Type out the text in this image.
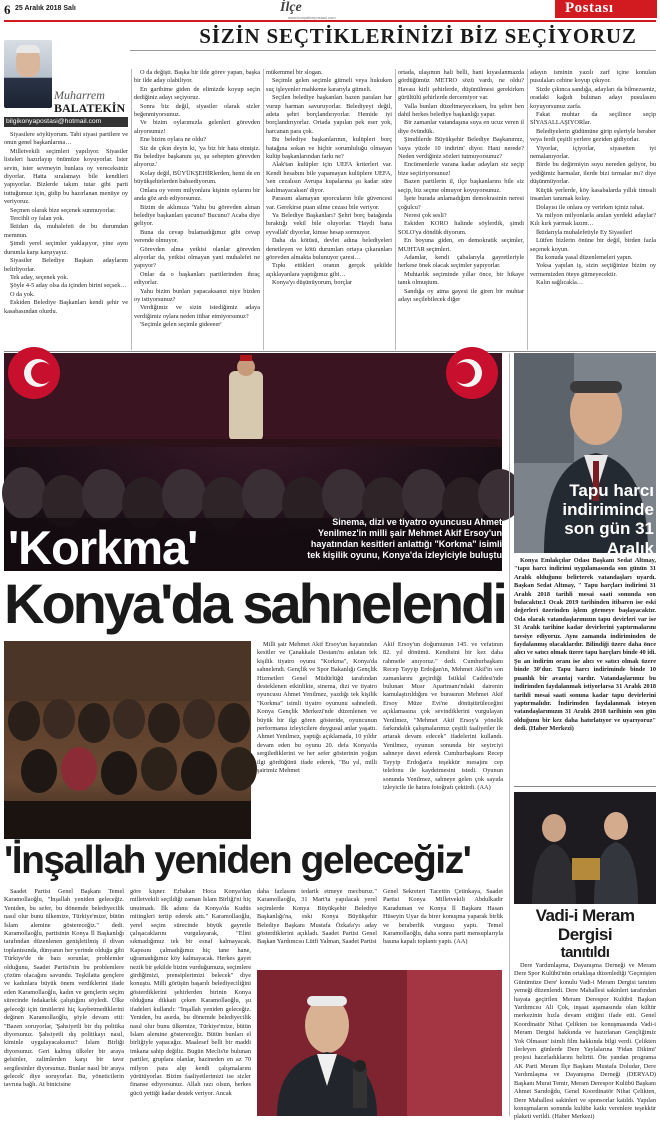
6 25 Aralık 2018 Salı	İlçe
www.konyailcepostasi.com
Postası
SİZİN SEÇTİKLERİNİZİ BİZ SEÇİYORUZ
Muharrem
BALATEKİN
bilgikonyapostasi@hotmail.com

Siyasilere söylüyorum. Tabi siyasi partilere ve onun genel başkanlarına…

Milletvekili seçimleri yapılıyor. Siyasiler listeleri hazırlayıp önümüze koyuyorlar. İster sevin, ister sevmeyin bunlara oy vereceksiniz diyorlar. Hatta sıralamayı bile kendileri yapıyorlar. Bizlerde takım tutar gibi parti tuttuğumuz için, gidip bu hazırlanan menüye oy veriyoruz.

Seçmen olarak bize seçenek sunmuyorlar.

Tercihli oy falan yok.

İktidarı da, muhalefeti de bu durumdan memnun.

Şimdi yerel seçimler yaklaşıyor, yine aynı durumla karşı karşıyayız.

Siyasiler Belediye Başkan adaylarını belirliyorlar.

Tek aday, seçenek yok.

Şöyle 4-5 aday olsa da içinden birini seçsek…

O da yok.

Eskiden Belediye Başkanları kendi şehir ve kasabasından olurdu.

O da değişti. Başka bir ilde görev yapan, başka bir ilde aday olabiliyor.

En garibime giden de elimizde koyup seçin dediğiniz adayı seçiyoruz.

Sonra biz değil, siyasiler olarak sizler beğenmiyorsunuz.

Ve bizim oylarımızla gelenleri görevden alıyorsunuz!

Ene bizim oylara ne oldu?

Siz de çıkın deyin ki, 'ya biz bir hata etmişiz. Bu belediye başkanını şu, şu sebepten görevden alıyoruz.'

Kolay değil, BÜYÜKŞEHİRlerden, hemi de en büyükşehirlerden bahsediyorum.

Onlara oy veren milyonlara kişinin oylarını bir anda göz ardı ediyorsunuz.

Bizim de aklımıza 'Yahu bu görevden alınan belediye başkanları şucunu? Bucunu? Acaba diye geliyor.

Buna da cevap bulamadığımız gibi cevap verende olmuyor.

Görevden alma yetkisi olanlar görevden alıyorlar da, yetkisi olmayan yani muhalefet ne yapıyor?

Onlar da o başkanları partilerinden ihraç ediyorlar.

Yahu bizim bunları yapacaksanız niye bizden oy istiyorsunuz?

Verdiğimiz ve sizin istediğimiz adaya verdiğimiz oylara neden itibar etmiyorsunuz?

'Seçimle gelen seçimle gideeeer'

mükemmel bir slogan.

Seçimle gelen seçimle gitmeli veya hukuken suç işleyenler mahkeme kararıyla gitmeli.

Seçilen belediye başkanları bazen paraları har vurup harman savuruyorlar. Belediyeyi değil, adeta şehri borçlandırıyorlar. Hemide iyi borçlandırıyorlar. Ortada yapılan pek eser yok, harcanan para çok.

Bu belediye başkanlarının, kulüpleri borç batağına sokan ve hiçbir sorumluluğu olmayan kulüp başkanlarından farkı ne?

Alak'tan kulüpler için UEFA kriterleri var. Kendi hesabını bile yapamayan kulüplere UEFA, 'sen cezalısın Avrupa kupalarına şu kadar süre katılmayacaksın' diyor.

Parasını alamayan sporcuların bile güvencesi var. Gerekirse puan silme cezası bile veriyor.

Ya Belediye Başkanları? Şehri borç batağında bıraktığı vekil bile oluyorlar. 'Haydi bana eyvallah' diyorlar, kimse hesap sormuyor.

Daha da kötüsü, devlet adına belediyeleri denetleyen ve kötü durumları ortaya çıkaranları görevden almakta bulunuyor çaresi…

Tıpkı ettikleri oranın gerçek şekilde açıklayanlara yaptığımız gibi…

Konya'yı düşünüyorum, borçlar

ortada, ulaşımın hali belli, hani kıyaslanmazda gördüğümüz METRO sözü vardı, ne oldu? Havası kirli şehirlerde, düşünülmesi gerekirken gürültülü şehirlerde dercemiyor var.

Valla bunları düzeltmeyeceksen, bu şehre ben dahil herkes belediye başkanlığı yapar.

Bir zamanlar vatandaşına suya en ucuz veren il diye övündük.

Şimdilerde Büyükşehir Belediye Başkanımız, 'suya yüzde 10 indirim' diyor. Hani nerede? Neden verdiğiniz sözleri tutmuyorsunuz?

Encümenlerle varana kadar adayları siz seçip bize seçtiriyorsunuz!

Bazen partilerin il, ilçe başkanlarını bile siz seçip, biz seçme olmuyor koyuyorsunuz.

İşete burada anlamadığım demokrasinin neresi çoğulcu?

Neresi çok sesli?

Eskiden KORO halinde söylerdik, şimdi SOLO'ya döndük diyorum.

En boyuna giden, en demokratik seçimler, MUHTAR seçimleri.

Adamlar, kendi çabalarıyla gayretleriyle herkese önek olacak seçimler yapıyorlar.

Muhtarlık seçiminde yıllar önce, bir hikaye tanık olmuştum.

Sandığa oy atma gayesi ile giren bir muhtar adayı seçilebilecek diğer

adayın isminin yazılı zarf içine konulan pusulaları cebine koyup çıkıyor.

Sizde çıkınca sandığa, adayları da bilmezseniz, oradaki kağıdı bulunan adayı pusulasını koyuyorsunuz zarfa.

Fakat muhtar da seçilince seçip SİYASALLAŞIYORlar.

Belediyelerin güdümüne girip eşleriyle beraber veya ferdi çeşitli yerlere geziden gidiyorlar.

Yiyorlar, içiyorlar, siyasetten iyi nemalanıyorlar.

Birde bu değirmiyin suyu nereden geliyor, bu yediğimiz harmalar, ilerde bizi tırmalar mı? diye düşünmüyorlar.

Küçük yerlerde, köy kasabalarda yıllık timsali insanları tanımak kolay.

Dolayısı ile onlara oy verirken içiniz rahat.

Ya milyon milyonlarla anılan yerdeki adaylar? Kılı kırk yarmak lazım…

İktidarıyla muhalefetiyle Ey Siyasiler!

Lütfen bizlerin önüne bir değil, birden fazla seçenek koyun.

Bu konuda yasal düzenlemeleri yapın.

Yoksa yapılan iş, sizin seçtiğinize bizim oy vermemizden öteye gitmeyecektir.

Kalın sağlıcakla…

'Korkma'	Sinema, dizi ve tiyatro oyuncusu Ahmet
Yenilmez'in milli şair Mehmet Akif Ersoy'un
hayatından kesitleri anlattığı "Korkma" isimli
tek kişilik oyunu, Konya'da izleyiciyle buluştu
Konya'da sahnelendi

Milli şair Mehmet Akif Ersoy'un hayatından kesitler ve Çanakkale Destanı'nı anlatan tek kişilik tiyatro oyunu "Korkma", Konya'da sahnelendi. Gençlik ve Spor Bakanlığı Gençlik Hizmetleri Genel Müdürlüğü tarafından desteklenen etkinlikte, sinema, dizi ve tiyatro oyuncusu Ahmet Yenilmez, yazdığı tek kişilik "Korkma" isimli tiyatro oyununu sahneledi. Konya Gençlik Merkezi'nde düzenlenen ve büyük bir ilgi gören gösteride, oyuncunun performansı izleyicilere duygusal anlar yaşattı. Ahmet Yenilmez, yaptığı açıklamada, 10 yıldır devam eden bu oyunu 20. defa Konya'da sergilediklerini ve her sefer gösterinin yoğun ilgi gördüğünü ifade ederek, "Bu yıl, milli şairimiz Mehmet

Akif Ersoy'un doğumunun 145. ve vefatının 82. yıl dönümü. Kendisini bir kez daha rahmetle anıyoruz." dedi. Cumhurbaşkanı Recep Tayyip Erdoğan'ın, Mehmet Akif'in son zamanlarını geçirdiği İstiklal Caddesi'nde bulunan Mısır Apartmanı'ndaki dairenin kamulaştırıldığını ve burasının Mehmet Akif Ersoy Müze Evi'ne dönüştürüleceğini açıklamasına çok sevindiklerini vurgulayan Yenilmez, "Mehmet Akif Ersoy'a yönelik farkındalık çalışmalarımız çeşitli faaliyetler ile artarak devam edecek" ifadelerini kullandı. Yenilmez, oyunun sonunda bir seyirciyi sahneye davet ederek Cumhurbaşkanı Recep Tayyip Erdoğan'a teşekkür mesajını cep telefonu ile kaydetmesini istedi. Oyunun sonunda Yenilmez, sahneye gelen çok sayıda izleyicile ile hatıra fotoğrafı çektirdi. (AA)

Tapu harcı
indiriminde
son gün 31 Aralık

Konya Emlakçılar Odası Başkanı Sedat Altınay, "tapu harcı indirimi uygulamasında son günün 31 Aralık olduğunu belirterek vatandaşları uyardı. Başkan Sedat Altınay, " Tapu harçları indirimi 31 Aralık 2018 tarihli mesai saati sonunda son bulacaktır.1 Ocak 2019 tarihinden itibaren ise eski değerleri üzerinden işlem görmeye başlayacaktır. Oda olarak vatandaşlarımızın tapu devirleri var ise 31 Aralık tarihine kadar devirlerini yaptırmalarını tavsiye ediyoruz. Aynı zamanda indiriminden de faydalanmış olacaklardır. Bilindiği üzere daha önce alıcı ve satıcı olmak üzere tapu harçları binde 40 idi. Şu an indirim oranı ise alıcı ve satıcı olmak üzere binde 30'dur. Tapu harcı indiriminde binde 10 puanlık bir avantaj vardır. Vatandaşlarımız bu indirimden faydalanmak istiyorlarsa 31 Aralık 2018 tarihli mesai saati sonuna kadar tapu devirlerini yaptırmalıdır. İndirimden faydalanmak isteyen vatandaşlarımızın 31 Aralık 2018 tarihinin son gün olduğunu bir kez daha hatırlatıyor ve uyarıyoruz" dedi. (Haber Merkezi)

'İnşallah yeniden geleceğiz'

Saadet Partisi Genel Başkanı Temel Karamollaoğlu, "İnşallah yeniden geleceğiz. Yeniden, bu sefer, bu dönemde belediyecilik nasıl olur bunu ülkemize, Türkiye'mize, bütün İslam alemine göstereceğiz." dedi. Karamollaoğlu, partisinin Konya İl Başkanlığı tarafından düzenlenen genişletilmiş il divan toplantısında, dünyanın her yerinde olduğu gibi Türkiye'de de bazı sorunlar, problemler olduğunu, Saadet Partisi'nin bu problemlere çözüm olacağını savundu. Teşkilatta gençlere ve kadınlara büyük önem verdiklerini ifade eden Karamollaoğlu, kadın ve gençlerin seçim sürecinde fedakarlık çalıştığını söyledi. Ülke geleceği için ümitlerini hiç kaybetmediklerini değinen Karamollaoğlu, şöyle devam etti: "Bazen soruyorlar, 'Şahsiyetli bir dış politika diyorsunuz. Şahsiyetli dış politikayı nasıl, kiminle uygulayacaksınız? İslam Birliği diyorsunuz. Geri kalmış ülkeler bir araya gelsinler, zalimlerden karşı bir tavır sergilesinler diyorsunuz. Bunlar nasıl bir araya gelecek' diye soruyorlar. Bu, yöneticilerin tavrına bağlı. At binicisine

göre kişner. Erbakan Hoca Konya'dan milletvekili seçildiği zaman İslam Birliği'ni hiç unutmadı. İlk adımı da Konya'da Kudüs mitingleri tertip ederek attı." Karamollaoğlu, yerel seçim sürecinde büyük gayretle çalışacaklarını vurgulayarak, "Elini sıkmadığımız tek bir esnaf kalmayacak. Kapısını çalmadığımız hiç tane hane, uğramadığımız köy kalmayacak. Herkes gayet nezik bir şekilde bizim vurduğumuza, seçimlere girdiğimizi, prensiplerimizi belecek" diye konuştu. Milli görüşün başarılı belediyeciliğini gösterdiklerini şehirlerden birinin Konya olduğuna dikkati çeken Karamollaoğlu, şu ifadeleri kullandı: "İnşallah yeniden geleceğiz. Yeniden, bu asırda, bu dönemde belediyecilik nasıl olur bunu ülkemize, Türkiye'mize, bütün İslam alemine göstereceğiz. Bütün bunları el birliğiyle yapacağız. Maalesef belli bir maddi imkana sahip değiliz. Bugün Meclis'te bulunan partiler, gruplara olanlar, hazineden en az 70 milyon para alıp kendi çalışmalarını yürütüyorlar. Bizim faaliyetlerimizi ise sizler finanse ediyorsunuz. Allah razı olsun, herkes gücü yettiği kadar destek veriyor. Ancak

daha fazlasını tedarik etmeye mecburuz." Karamollaoğlu, 31 Mart'ta yapılacak yerel seçimlerde Konya Büyükşehir Belediye Başkanlığı'na, eski Konya Büyükşehir Belediye Başkanı Mustafa Özkafa'yı aday gösterdiklerini açıkladı. Saadet Partisi Genel Başkan Yardımcısı Lütfi Yalman, Saadet Partisi

Genel Sekreteri Tacettin Çetinkaya, Saadet Partisi Konya Milletvekili Abdulkadir Karaduman ve Konya İl Başkanı Hasan Hüseyin Uyar da birer konuşma yaparak birlik ve beraberlik vurgusu yaptı. Temel Karamollaoğlu, daha sonra parti mensuplarıyla basına kapalı toplantı yaptı. (AA)

Vadi-i Meram
Dergisi
tanıtıldı

Dere Yardımlaşma, Dayanışma Derneği ve Meram Dere Spor Kulübü'nün ortaklaşa düzenlediği 'Geçmişten Günümüze Dere' konulu Vadi-i Meram Dergisi tanıtım yemeği düzenlendi. Dere Mahallesi sakinleri tarafından hayata geçirilen Meram Derespor Kulübü Başkan Yardımcısı Ali Çok, inşaat aşamasında olan kültür merkezinin hızla devam ettiğini ifade etti. Genel Koordinatör Nihat Çelikten ise konuşmasında Vadi-i Meram Dergisi hakkında ve hazırlanan Gençliğimiz Yok Olmasın' isimli film hakkında bilgi verdi. Çelikten ilerleyen günlerde Dere Yaylalarına 'Fidan Dikimi' projesi hazırladıklarını belirtti. Öte yandan programa AK Parti Meram İlçe Başkanı Mustafa Doludar, Dere Yardımlaşma ve Dayanışma Derneği (DERYAD) Başkanı Murat Temir, Meram Derespor Kulübü Başkanı Ahmet Sarıdoğdu, Genel Koordinatör Nihat Çelikten, Dere Mahallesi sakinleri ve sponsorlar katıldı. Yapılan konuşmaların sonunda kulübe katkı verenlere teşekkür plaketi verildi. (Haber Merkezi)
